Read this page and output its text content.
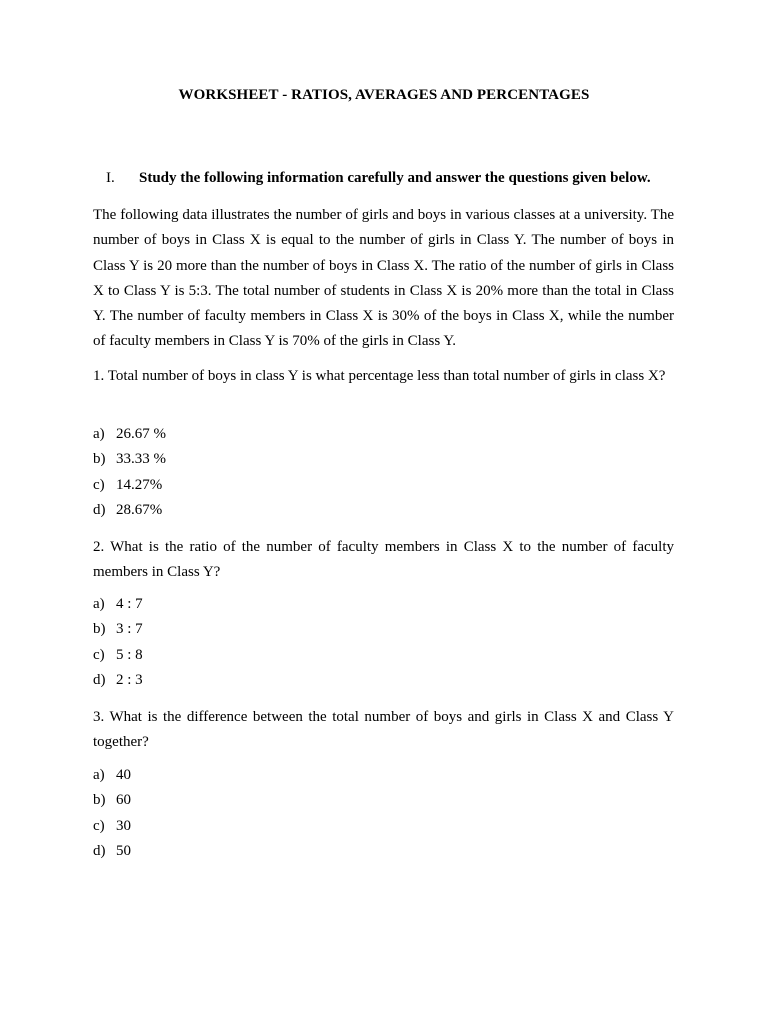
WORKSHEET - RATIOS, AVERAGES AND PERCENTAGES
I. Study the following information carefully and answer the questions given below.
The following data illustrates the number of girls and boys in various classes at a university. The number of boys in Class X is equal to the number of girls in Class Y. The number of boys in Class Y is 20 more than the number of boys in Class X. The ratio of the number of girls in Class X to Class Y is 5:3. The total number of students in Class X is 20% more than the total in Class Y. The number of faculty members in Class X is 30% of the boys in Class X, while the number of faculty members in Class Y is 70% of the girls in Class Y.
1. Total number of boys in class Y is what percentage less than total number of girls in class X?
a) 26.67 %
b) 33.33 %
c) 14.27%
d) 28.67%
2. What is the ratio of the number of faculty members in Class X to the number of faculty members in Class Y?
a) 4 : 7
b) 3 : 7
c) 5 : 8
d) 2 : 3
3. What is the difference between the total number of boys and girls in Class X and Class Y together?
a) 40
b) 60
c) 30
d) 50
